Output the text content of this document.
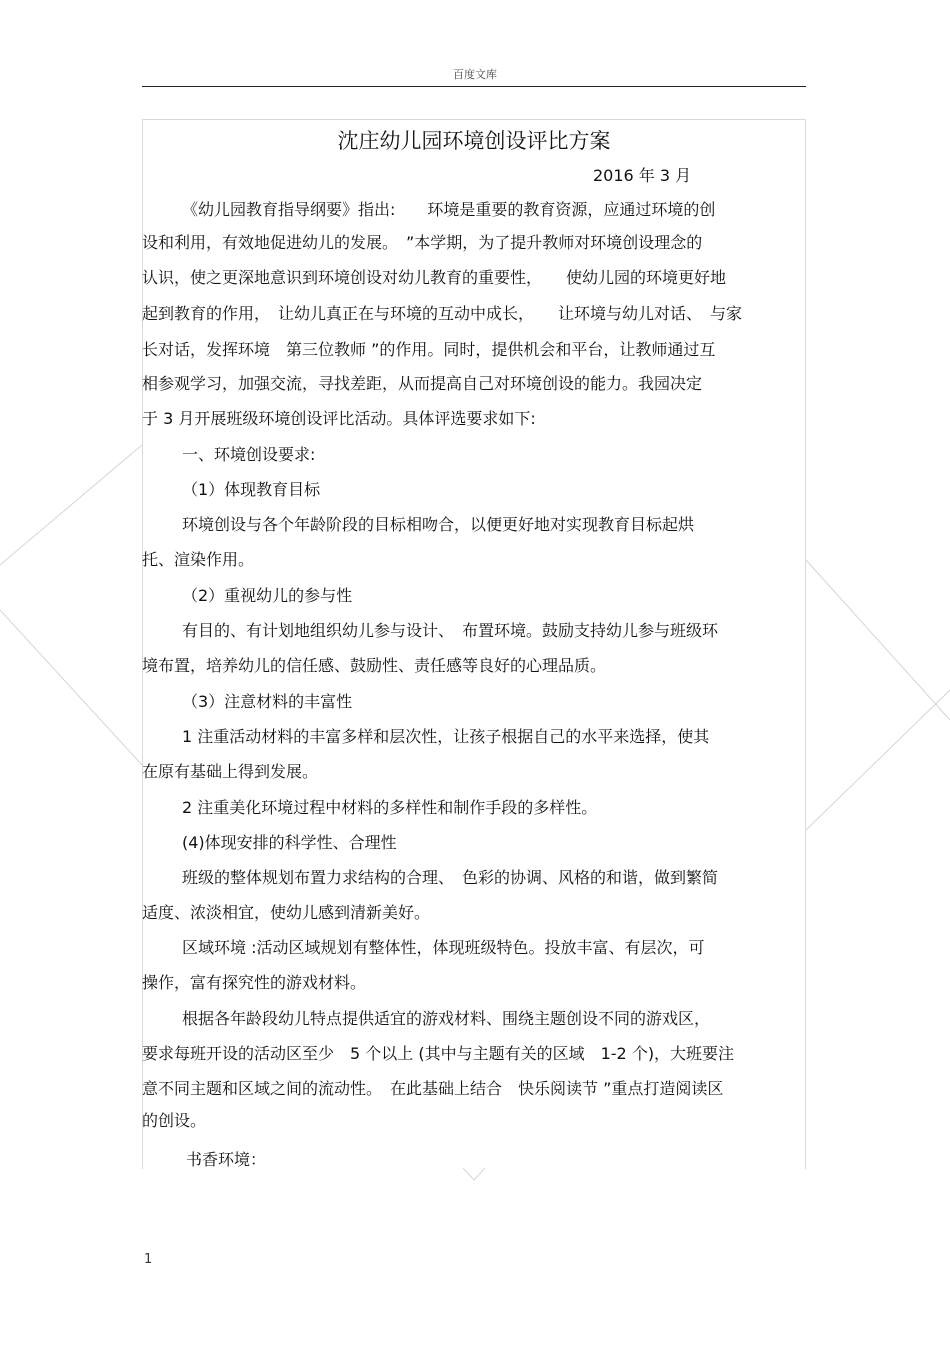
百度文库
沈庄幼儿园环境创设评比方案
2016 年 3 月
《幼儿园教育指导纲要》指出:　　环境是重要的教育资源，应通过环境的创
设和利用，有效地促进幼儿的发展。　”本学期，为了提升教师对环境创设理念的
认识，使之更深地意识到环境创设对幼儿教育的重要性，　　使幼儿园的环境更好地
起到教育的作用，　让幼儿真正在与环境的互动中成长，　　让环境与幼儿对话、　与家
长对话，发挥环境　第三位教师 ”的作用。同时，提供机会和平台，让教师通过互
相参观学习，加强交流，寻找差距，从而提高自己对环境创设的能力。我园决定
于 3 月开展班级环境创设评比活动。具体评选要求如下:
一、环境创设要求:
（1）体现教育目标
环境创设与各个年龄阶段的目标相吻合，以便更好地对实现教育目标起烘
托、渲染作用。
（2）重视幼儿的参与性
有目的、有计划地组织幼儿参与设计、　布置环境。鼓励支持幼儿参与班级环
境布置，培养幼儿的信任感、鼓励性、责任感等良好的心理品质。
（3）注意材料的丰富性
1 注重活动材料的丰富多样和层次性，让孩子根据自己的水平来选择，使其
在原有基础上得到发展。
2 注重美化环境过程中材料的多样性和制作手段的多样性。
(4)体现安排的科学性、合理性
班级的整体规划布置力求结构的合理、　色彩的协调、风格的和谐，做到繁简
适度、浓淡相宜，使幼儿感到清新美好。
区域环境 :活动区域规划有整体性，体现班级特色。投放丰富、有层次，可
操作，富有探究性的游戏材料。
根据各年龄段幼儿特点提供适宜的游戏材料、围绕主题创设不同的游戏区，
要求每班开设的活动区至少　5 个以上 (其中与主题有关的区域　1-2 个)，大班要注
意不同主题和区域之间的流动性。　在此基础上结合　快乐阅读节 ”重点打造阅读区
的创设。
书香环境：
1
